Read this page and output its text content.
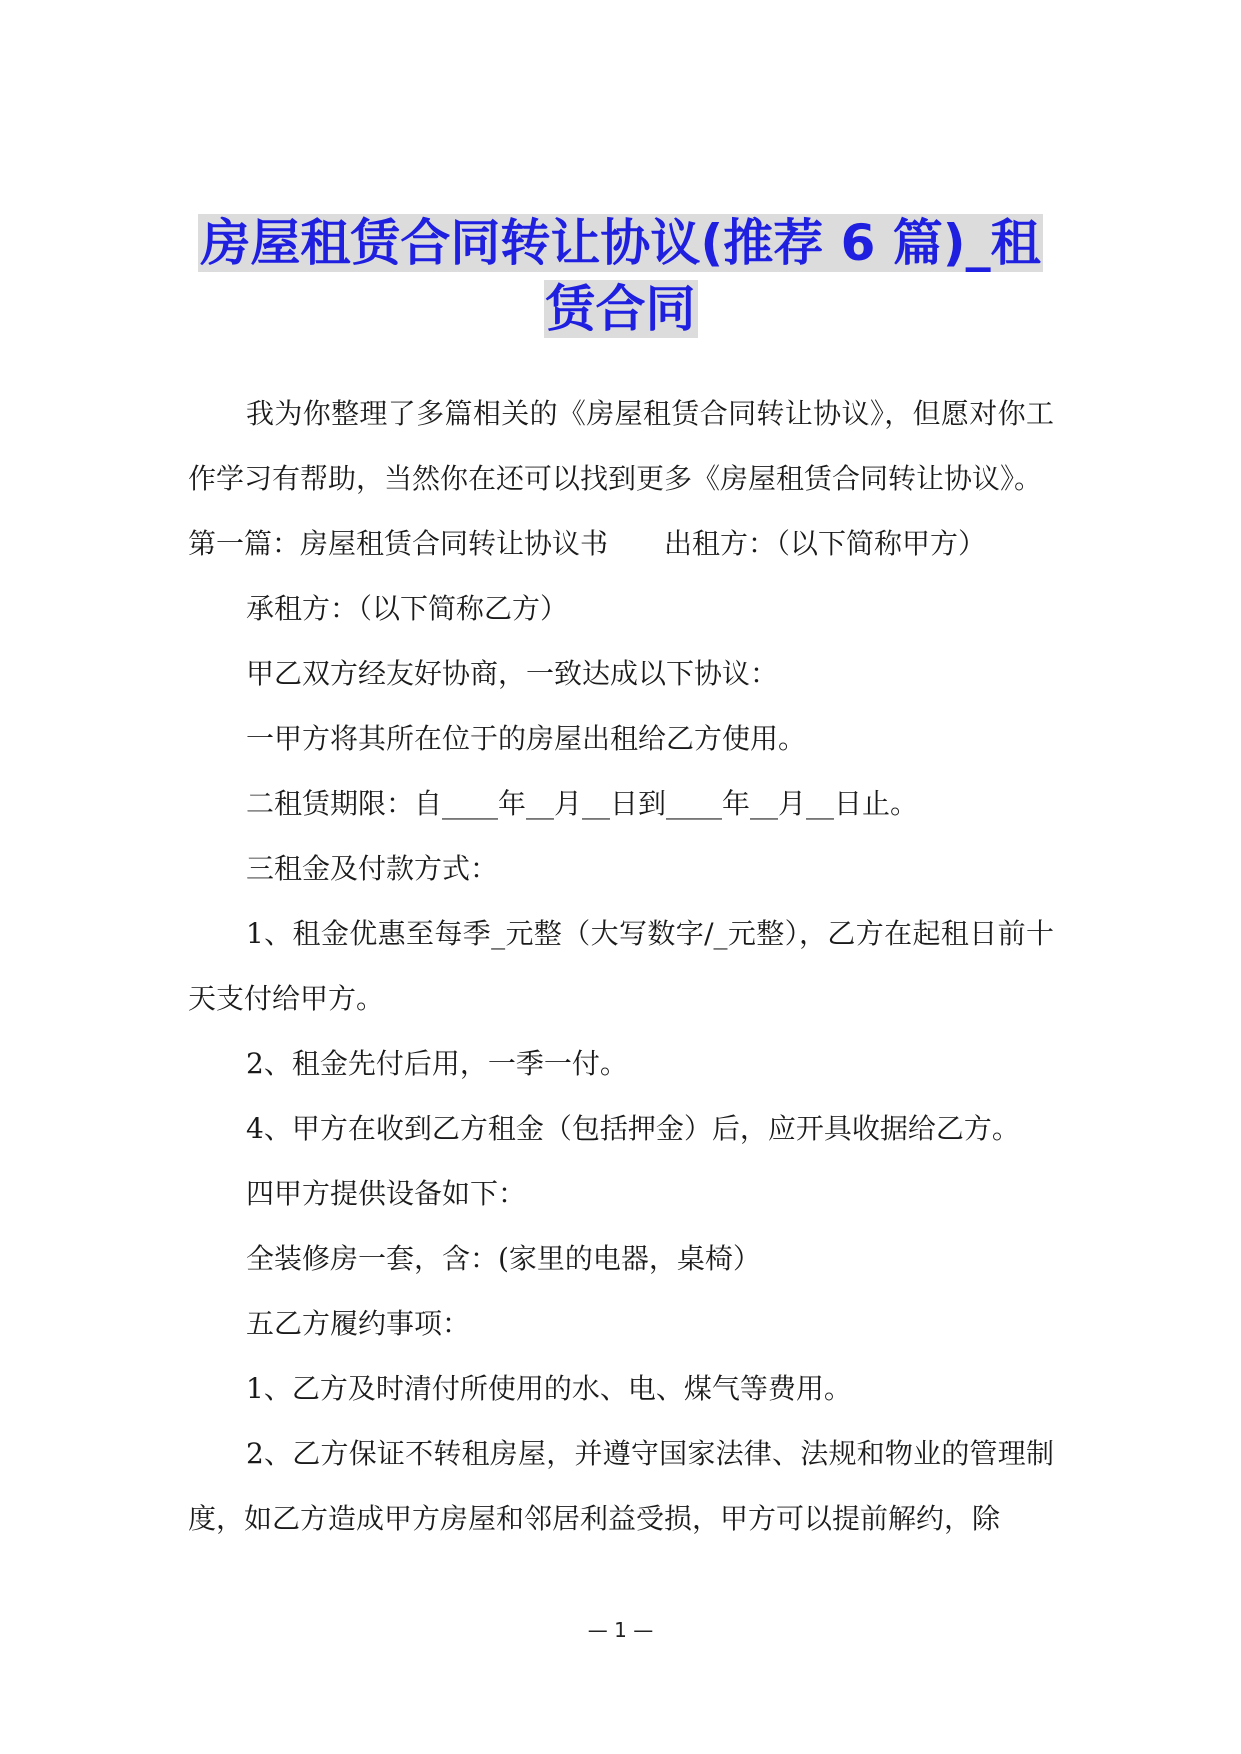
房屋租赁合同转让协议(推荐 6 篇)_租
赁合同

我为你整理了多篇相关的《房屋租赁合同转让协议》，但愿对你工作学习有帮助，当然你在还可以找到更多《房屋租赁合同转让协议》。

第一篇：房屋租赁合同转让协议书　　出租方：（以下简称甲方）

承租方：（以下简称乙方）

甲乙双方经友好协商，一致达成以下协议：

一甲方将其所在位于的房屋出租给乙方使用。

二租赁期限：自____年__月__日到____年__月__日止。

三租金及付款方式：

1、租金优惠至每季_元整（大写数字/_元整），乙方在起租日前十天支付给甲方。

2、租金先付后用，一季一付。

4、甲方在收到乙方租金（包括押金）后，应开具收据给乙方。

四甲方提供设备如下：

全装修房一套，含：(家里的电器，桌椅）

五乙方履约事项：

1、乙方及时清付所使用的水、电、煤气等费用。

2、乙方保证不转租房屋，并遵守国家法律、法规和物业的管理制度，如乙方造成甲方房屋和邻居利益受损，甲方可以提前解约，除

— 1 —
